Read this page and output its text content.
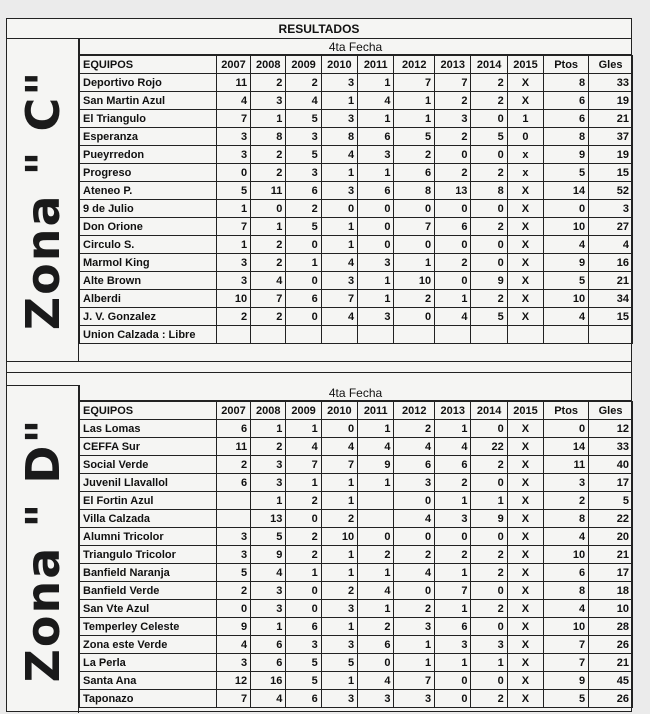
RESULTADOS
4ta Fecha
Zona " C"
EQUIPOS	2007	2008	2009	2010	2011	2012	2013	2014	2015	Ptos	Gles
Deportivo Rojo	11	2	2	3	1	7	7	2	X	8	33
San Martin Azul	4	3	4	1	4	1	2	2	X	6	19
El Triangulo	7	1	5	3	1	1	3	0	1	6	21
Esperanza	3	8	3	8	6	5	2	5	0	8	37
Pueyrredon	3	2	5	4	3	2	0	0	x	9	19
Progreso	0	2	3	1	1	6	2	2	x	5	15
Ateneo P.	5	11	6	3	6	8	13	8	X	14	52
9 de Julio	1	0	2	0	0	0	0	0	X	0	3
Don Orione	7	1	5	1	0	7	6	2	X	10	27
Circulo S.	1	2	0	1	0	0	0	0	X	4	4
Marmol King	3	2	1	4	3	1	2	0	X	9	16
Alte Brown	3	4	0	3	1	10	0	9	X	5	21
Alberdi	10	7	6	7	1	2	1	2	X	10	34
J. V. Gonzalez	2	2	0	4	3	0	4	5	X	4	15
Union Calzada : Libre											
4ta Fecha
Zona " D"
EQUIPOS	2007	2008	2009	2010	2011	2012	2013	2014	2015	Ptos	Gles
Las Lomas	6	1	1	0	1	2	1	0	X	0	12
CEFFA Sur	11	2	4	4	4	4	4	22	X	14	33
Social Verde	2	3	7	7	9	6	6	2	X	11	40
Juvenil Llavallol	6	3	1	1	1	3	2	0	X	3	17
El Fortin Azul		1	2	1		0	1	1	X	2	5
Villa Calzada		13	0	2		4	3	9	X	8	22
Alumni Tricolor	3	5	2	10	0	0	0	0	X	4	20
Triangulo Tricolor	3	9	2	1	2	2	2	2	X	10	21
Banfield Naranja	5	4	1	1	1	4	1	2	X	6	17
Banfield Verde	2	3	0	2	4	0	7	0	X	8	18
San Vte Azul	0	3	0	3	1	2	1	2	X	4	10
Temperley Celeste	9	1	6	1	2	3	6	0	X	10	28
Zona este Verde	4	6	3	3	6	1	3	3	X	7	26
La Perla	3	6	5	5	0	1	1	1	X	7	21
Santa Ana	12	16	5	1	4	7	0	0	X	9	45
Taponazo	7	4	6	3	3	3	0	2	X	5	26
